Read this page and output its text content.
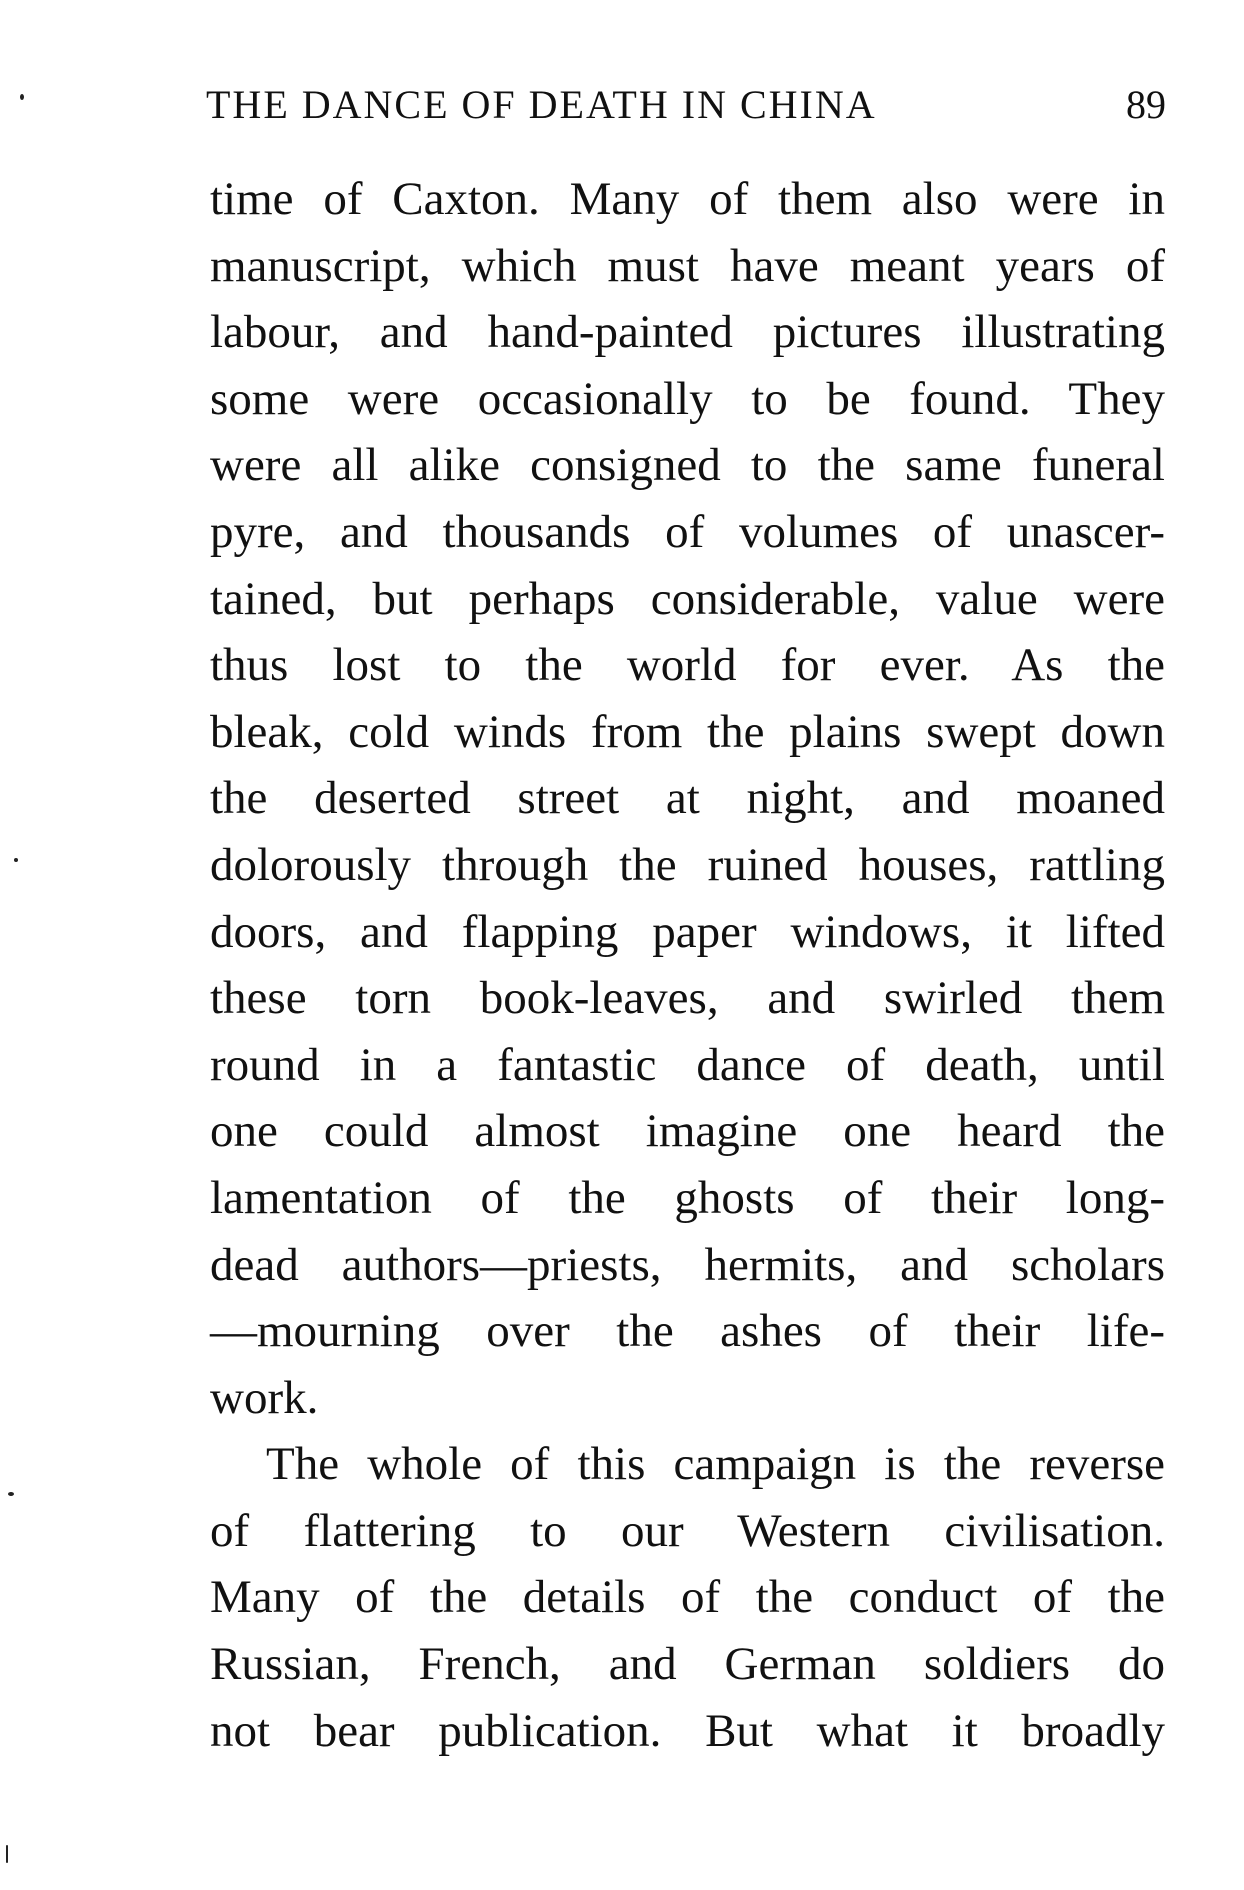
THE DANCE OF DEATH IN CHINA	89
time of Caxton. Many of them also were in
manuscript, which must have meant years of
labour, and hand-painted pictures illustrating
some were occasionally to be found. They
were all alike consigned to the same funeral
pyre, and thousands of volumes of unascer-
tained, but perhaps considerable, value were
thus lost to the world for ever. As the
bleak, cold winds from the plains swept down
the deserted street at night, and moaned
dolorously through the ruined houses, rattling
doors, and flapping paper windows, it lifted
these torn book-leaves, and swirled them
round in a fantastic dance of death, until
one could almost imagine one heard the
lamentation of the ghosts of their long-
dead authors—priests, hermits, and scholars
—mourning over the ashes of their life-
work.
The whole of this campaign is the reverse
of flattering to our Western civilisation.
Many of the details of the conduct of the
Russian, French, and German soldiers do
not bear publication. But what it broadly
